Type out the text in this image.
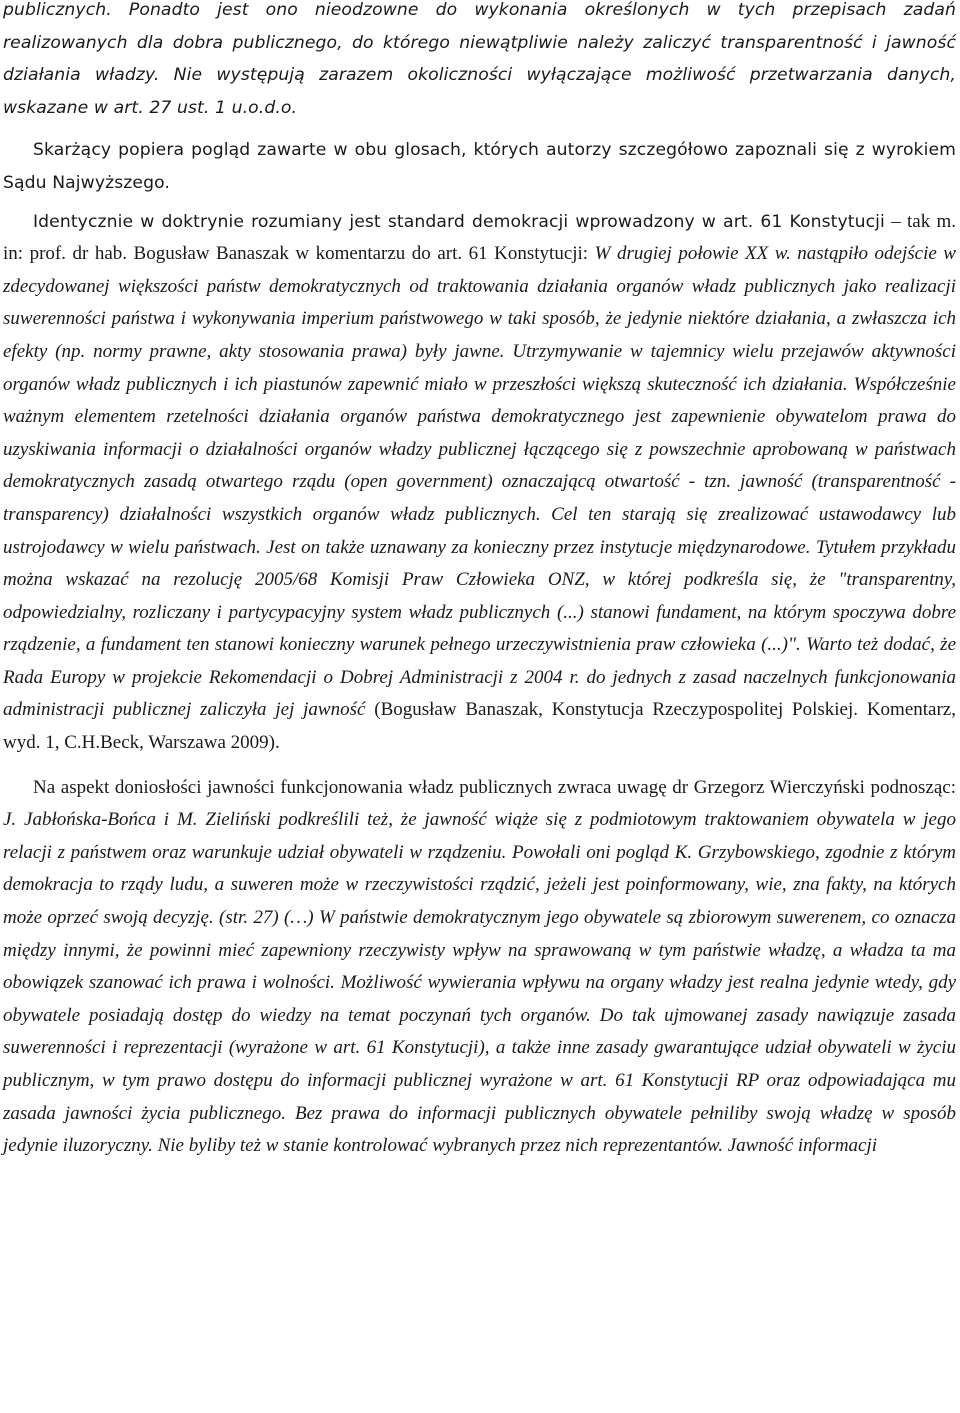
publicznych. Ponadto jest ono nieodzowne do wykonania określonych w tych przepisach zadań realizowanych dla dobra publicznego, do którego niewątpliwie należy zaliczyć transparentność i jawność działania władzy. Nie występują zarazem okoliczności wyłączające możliwość przetwarzania danych, wskazane w art. 27 ust. 1 u.o.d.o.

Skarżący popiera pogląd zawarte w obu glosach, których autorzy szczegółowo zapoznali się z wyrokiem Sądu Najwyższego.

Identycznie w doktrynie rozumiany jest standard demokracji wprowadzony w art. 61 Konstytucji – tak m. in: prof. dr hab. Bogusław Banaszak w komentarzu do art. 61 Konstytucji: W drugiej połowie XX w. nastąpiło odejście w zdecydowanej większości państw demokratycznych od traktowania działania organów władz publicznych jako realizacji suwerenności państwa i wykonywania imperium państwowego w taki sposób, że jedynie niektóre działania, a zwłaszcza ich efekty (np. normy prawne, akty stosowania prawa) były jawne. Utrzymywanie w tajemnicy wielu przejawów aktywności organów władz publicznych i ich piastunów zapewnić miało w przeszłości większą skuteczność ich działania. Współcześnie ważnym elementem rzetelności działania organów państwa demokratycznego jest zapewnienie obywatelom prawa do uzyskiwania informacji o działalności organów władzy publicznej łączącego się z powszechnie aprobowaną w państwach demokratycznych zasadą otwartego rządu (open government) oznaczającą otwartość - tzn. jawność (transparentność - transparency) działalności wszystkich organów władz publicznych. Cel ten starają się zrealizować ustawodawcy lub ustrojodawcy w wielu państwach. Jest on także uznawany za konieczny przez instytucje międzynarodowe. Tytułem przykładu można wskazać na rezolucję 2005/68 Komisji Praw Człowieka ONZ, w której podkreśla się, że "transparentny, odpowiedzialny, rozliczany i partycypacyjny system władz publicznych (...) stanowi fundament, na którym spoczywa dobre rządzenie, a fundament ten stanowi konieczny warunek pełnego urzeczywistnienia praw człowieka (...)". Warto też dodać, że Rada Europy w projekcie Rekomendacji o Dobrej Administracji z 2004 r. do jednych z zasad naczelnych funkcjonowania administracji publicznej zaliczyła jej jawność (Bogusław Banaszak, Konstytucja Rzeczypospolitej Polskiej. Komentarz, wyd. 1, C.H.Beck, Warszawa 2009).

Na aspekt doniosłości jawności funkcjonowania władz publicznych zwraca uwagę dr Grzegorz Wierczyński podnosząc: J. Jabłońska-Bońca i M. Zieliński podkreślili też, że jawność wiąże się z podmiotowym traktowaniem obywatela w jego relacji z państwem oraz warunkuje udział obywateli w rządzeniu. Powołali oni pogląd K. Grzybowskiego, zgodnie z którym demokracja to rządy ludu, a suweren może w rzeczywistości rządzić, jeżeli jest poinformowany, wie, zna fakty, na których może oprzeć swoją decyzję. (str. 27) (…) W państwie demokratycznym jego obywatele są zbiorowym suwerenem, co oznacza między innymi, że powinni mieć zapewniony rzeczywisty wpływ na sprawowaną w tym państwie władzę, a władza ta ma obowiązek szanować ich prawa i wolności. Możliwość wywierania wpływu na organy władzy jest realna jedynie wtedy, gdy obywatele posiadają dostęp do wiedzy na temat poczynań tych organów. Do tak ujmowanej zasady nawiązuje zasada suwerenności i reprezentacji (wyrażone w art. 61 Konstytucji), a także inne zasady gwarantujące udział obywateli w życiu publicznym, w tym prawo dostępu do informacji publicznej wyrażone w art. 61 Konstytucji RP oraz odpowiadająca mu zasada jawności życia publicznego. Bez prawa do informacji publicznych obywatele pełniliby swoją władzę w sposób jedynie iluzoryczny. Nie byliby też w stanie kontrolować wybranych przez nich reprezentantów. Jawność informacji
